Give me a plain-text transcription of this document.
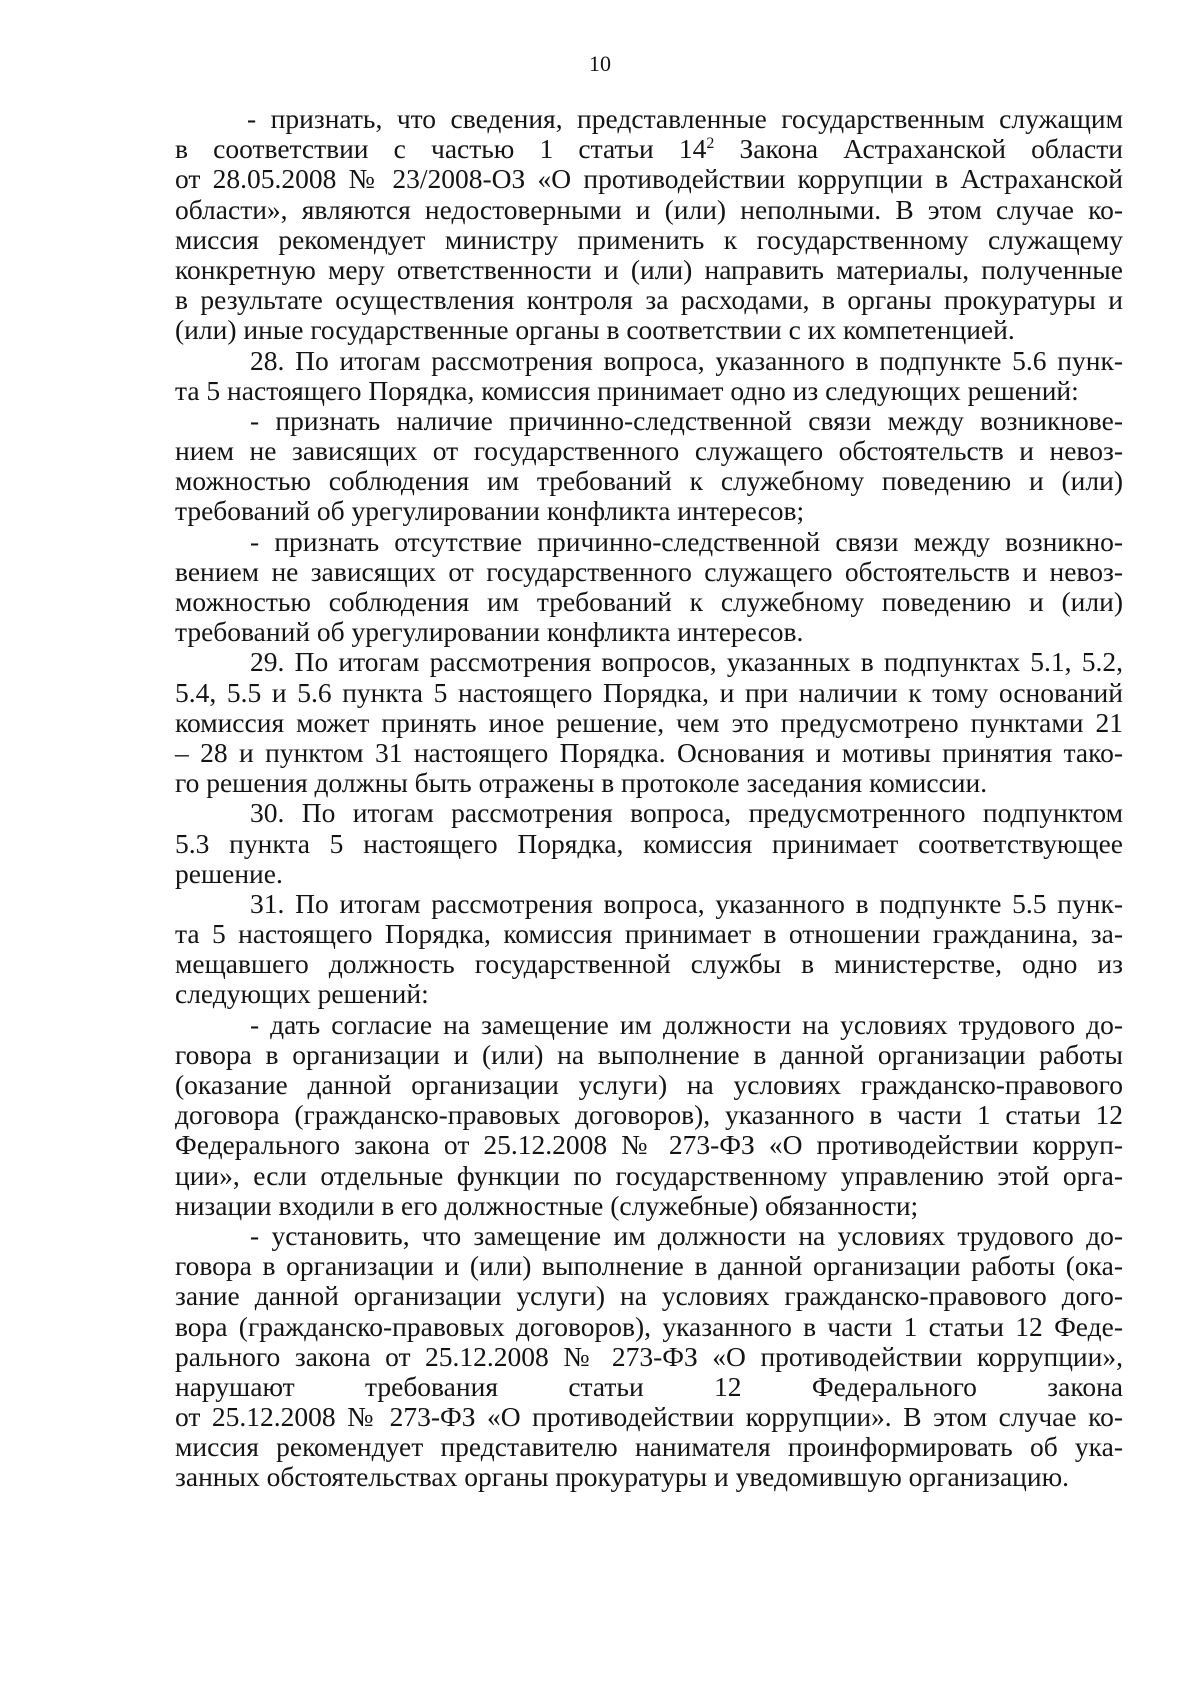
10
- признать, что сведения, представленные государственным служащим
в соответствии с частью 1 статьи $14^2$ Закона Астраханской области
от 28.05.2008 № 23/2008-ОЗ «О противодействии коррупции в Астраханской
области», являются недостоверными и (или) неполными. В этом случае ко-
миссия рекомендует министру применить к государственному служащему
конкретную меру ответственности и (или) направить материалы, полученные
в результате осуществления контроля за расходами, в органы прокуратуры и
(или) иные государственные органы в соответствии с их компетенцией.
28. По итогам рассмотрения вопроса, указанного в подпункте 5.6 пунк-
та 5 настоящего Порядка, комиссия принимает одно из следующих решений:
- признать наличие причинно-следственной связи между возникнове-
нием не зависящих от государственного служащего обстоятельств и невоз-
можностью соблюдения им требований к служебному поведению и (или)
требований об урегулировании конфликта интересов;
- признать отсутствие причинно-следственной связи между возникно-
вением не зависящих от государственного служащего обстоятельств и невоз-
можностью соблюдения им требований к служебному поведению и (или)
требований об урегулировании конфликта интересов.
29. По итогам рассмотрения вопросов, указанных в подпунктах 5.1, 5.2,
5.4, 5.5 и 5.6 пункта 5 настоящего Порядка, и при наличии к тому оснований
комиссия может принять иное решение, чем это предусмотрено пунктами 21
– 28 и пунктом 31 настоящего Порядка. Основания и мотивы принятия тако-
го решения должны быть отражены в протоколе заседания комиссии.
30. По итогам рассмотрения вопроса, предусмотренного подпунктом
5.3 пункта 5 настоящего Порядка, комиссия принимает соответствующее
решение.
31. По итогам рассмотрения вопроса, указанного в подпункте 5.5 пунк-
та 5 настоящего Порядка, комиссия принимает в отношении гражданина, за-
мещавшего должность государственной службы в министерстве, одно из
следующих решений:
- дать согласие на замещение им должности на условиях трудового до-
говора в организации и (или) на выполнение в данной организации работы
(оказание данной организации услуги) на условиях гражданско-правового
договора (гражданско-правовых договоров), указанного в части 1 статьи 12
Федерального закона от 25.12.2008 № 273-ФЗ «О противодействии корруп-
ции», если отдельные функции по государственному управлению этой орга-
низации входили в его должностные (служебные) обязанности;
- установить, что замещение им должности на условиях трудового до-
говора в организации и (или) выполнение в данной организации работы (ока-
зание данной организации услуги) на условиях гражданско-правового дого-
вора (гражданско-правовых договоров), указанного в части 1 статьи 12 Феде-
рального закона от 25.12.2008 № 273-ФЗ «О противодействии коррупции»,
нарушают требования статьи 12 Федерального закона
от 25.12.2008 № 273-ФЗ «О противодействии коррупции». В этом случае ко-
миссия рекомендует представителю нанимателя проинформировать об ука-
занных обстоятельствах органы прокуратуры и уведомившую организацию.
